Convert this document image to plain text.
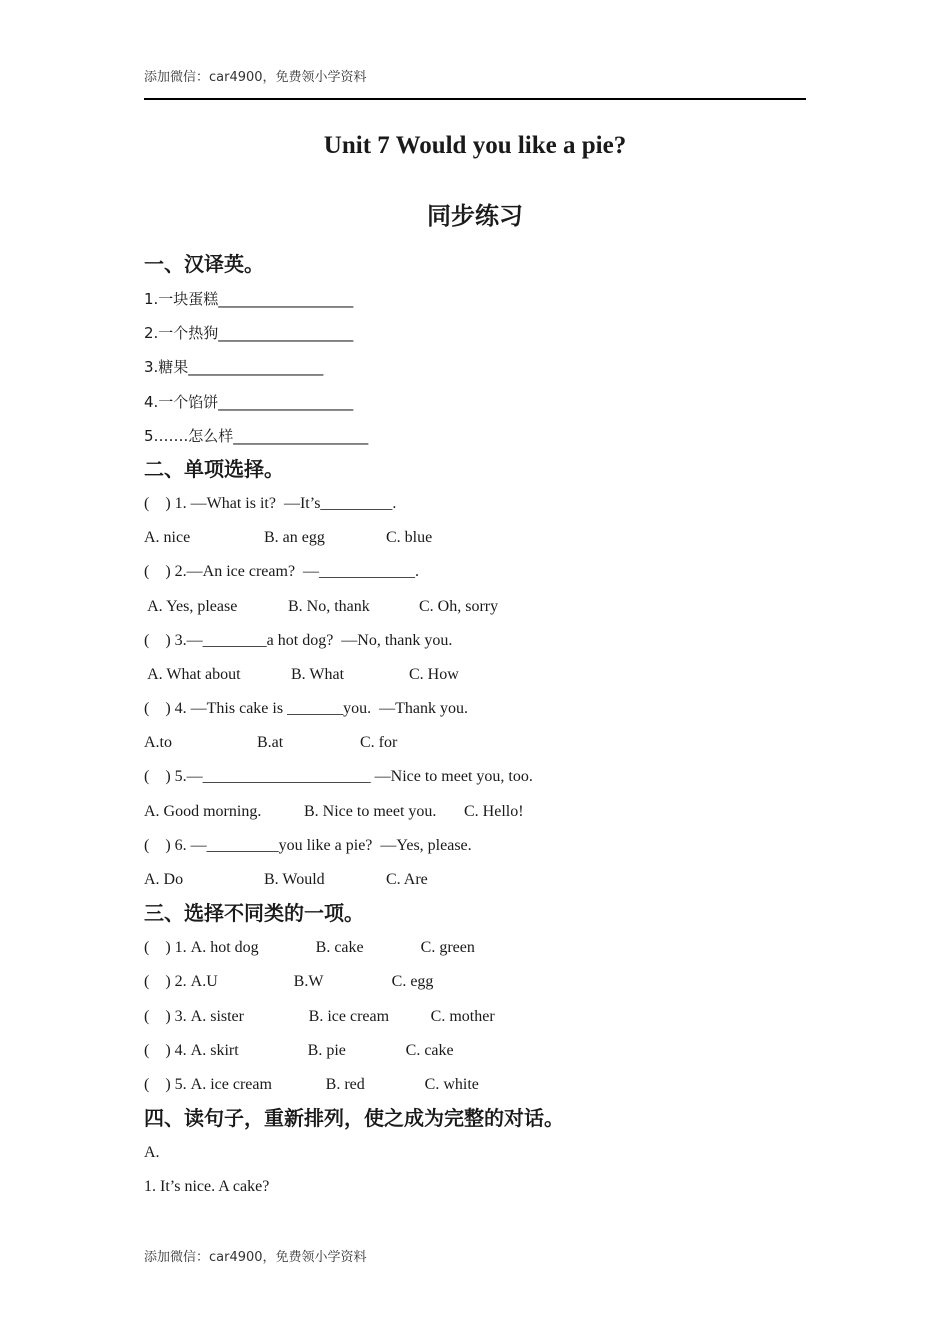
添加微信：car4900，免费领小学资料
Unit 7 Would you like a pie?
同步练习
一、汉译英。
1.一块蛋糕__________________
2.一个热狗__________________
3.糖果__________________
4.一个馅饼__________________
5…….怎么样__________________
二、单项选择。
(    ) 1. —What is it?  —It’s_________.
A. nice	B. an egg	C. blue
(    ) 2.—An ice cream?  —____________.
A. Yes, please	B. No, thank	C. Oh, sorry
(    ) 3.—________a hot dog?  —No, thank you.
A. What about	B. What	C. How
(    ) 4. —This cake is _______you.  —Thank you.
A.to	B.at	C. for
(    ) 5.—_____________________ —Nice to meet you, too.
A. Good morning.	B. Nice to meet you. C. Hello!
(    ) 6. —_________you like a pie?  —Yes, please.
A. Do	B. Would	C. Are
三、选择不同类的一项。
(    ) 1. A. hot dog	B. cake	C. green
(    ) 2. A.U	B.W	C. egg
(    ) 3. A. sister	B. ice cream	C. mother
(    ) 4. A. skirt	B. pie	C. cake
(    ) 5. A. ice cream	B. red	C. white
四、读句子，重新排列，使之成为完整的对话。
A.
1. It’s nice. A cake?
添加微信：car4900，免费领小学资料
